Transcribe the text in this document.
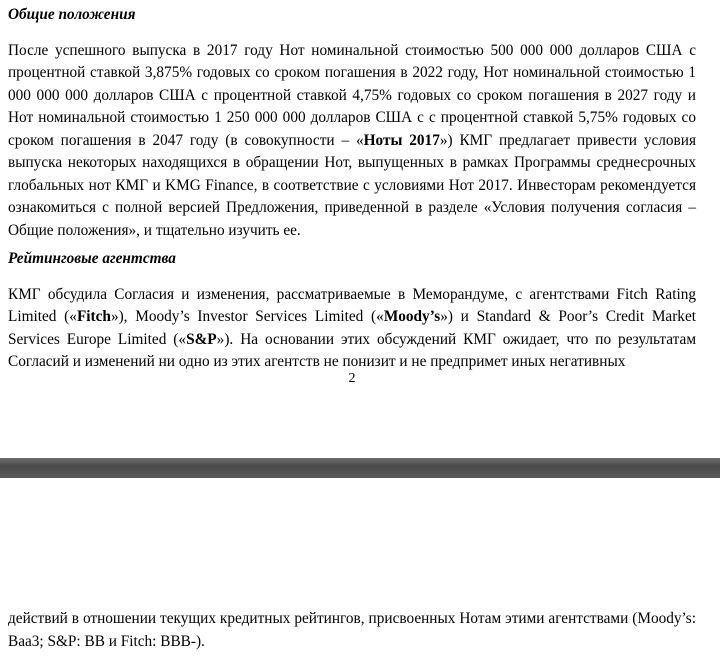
Общие положения

После успешного выпуска в 2017 году Нот номинальной стоимостью 500 000 000 долларов США с процентной ставкой 3,875% годовых со сроком погашения в 2022 году, Нот номинальной стоимостью 1 000 000 000 долларов США с процентной ставкой 4,75% годовых со сроком погашения в 2027 году и Нот номинальной стоимостью 1 250 000 000 долларов США с с процентной ставкой 5,75% годовых со сроком погашения в 2047 году (в совокупности – «Ноты 2017») КМГ предлагает привести условия выпуска некоторых находящихся в обращении Нот, выпущенных в рамках Программы среднесрочных глобальных нот КМГ и KMG Finance, в соответствие с условиями Нот 2017. Инвесторам рекомендуется ознакомиться с полной версией Предложения, приведенной в разделе «Условия получения согласия – Общие положения», и тщательно изучить ее.

Рейтинговые агентства

КМГ обсудила Согласия и изменения, рассматриваемые в Меморандуме, с агентствами Fitch Rating Limited («Fitch»), Moody’s Investor Services Limited («Moody’s») и Standard & Poor’s Credit Market Services Europe Limited («S&P»). На основании этих обсуждений КМГ ожидает, что по результатам Согласий и изменений ни одно из этих агентств не понизит и не предпримет иных негативных

2
действий в отношении текущих кредитных рейтингов, присвоенных Нотам этими агентствами (Moody’s: Baa3; S&P: BB и Fitch: BBB-).
